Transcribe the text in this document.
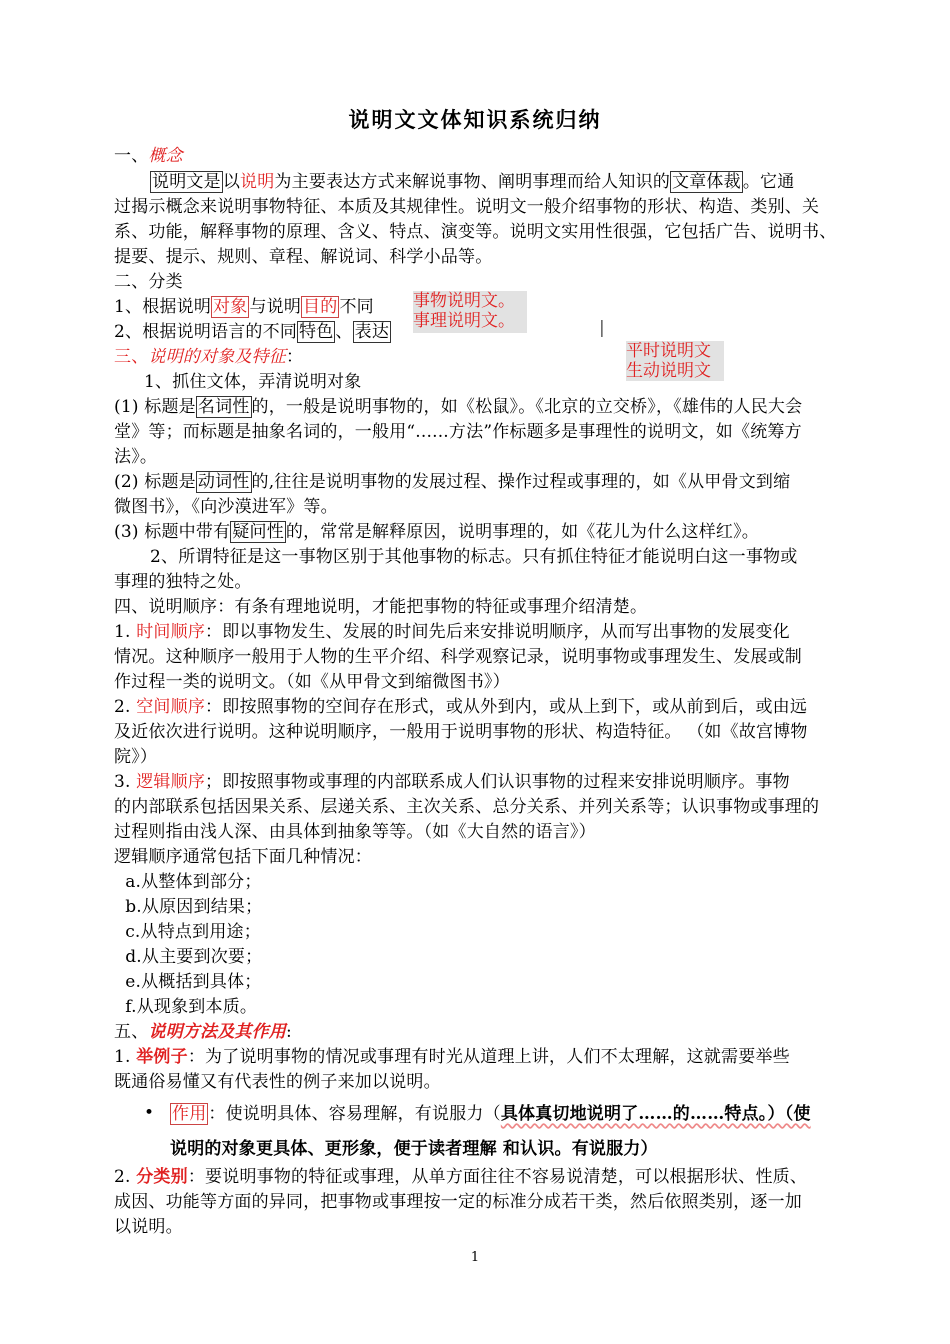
说明文文体知识系统归纳
一、概念
说明文是 以说明为主要表达方式来解说事物、阐明事理而给人知识的 文章体裁 。它通
过揭示概念来说明事物特征、本质及其规律性。说明文一般介绍事物的形状、构造、类别、关
系、功能，解释事物的原理、含义、特点、演变等。说明文实用性很强，它包括广告、说明书、
提要、提示、规则、章程、解说词、科学小品等。
二、分类
1、根据说明 对象 与说明 目的 不同
2、根据说明语言的不同 特色 、 表达
事物说明文。
事理说明文。	|
平时说明文
生动说明文
三、说明的对象及特征：
1、抓住文体，弄清说明对象
(1) 标题是 名词性 的，一般是说明事物的，如《松鼠》。《北京的立交桥》，《雄伟的人民大会
堂》等；而标题是抽象名词的，一般用“......方法”作标题多是事理性的说明文，如《统筹方
法》。
(2) 标题是 动词性 的,往往是说明事物的发展过程、操作过程或事理的，如《从甲骨文到缩
微图书》，《向沙漠进军》等。
(3) 标题中带有 疑问性 的，常常是解释原因，说明事理的，如《花儿为什么这样红》。
2、所谓特征是这一事物区别于其他事物的标志。只有抓住特征才能说明白这一事物或
事理的独特之处。
四、说明顺序：有条有理地说明，才能把事物的特征或事理介绍清楚。
1. 时间顺序：即以事物发生、发展的时间先后来安排说明顺序，从而写出事物的发展变化
情况。这种顺序一般用于人物的生平介绍、科学观察记录，说明事物或事理发生、发展或制
作过程一类的说明文。（如《从甲骨文到缩微图书》）
2. 空间顺序：即按照事物的空间存在形式，或从外到内，或从上到下，或从前到后，或由远
及近依次进行说明。这种说明顺序，一般用于说明事物的形状、构造特征。 （如《故宫博物
院》）
3. 逻辑顺序；即按照事物或事理的内部联系成人们认识事物的过程来安排说明顺序。事物
的内部联系包括因果关系、层递关系、主次关系、总分关系、并列关系等；认识事物或事理的
过程则指由浅人深、由具体到抽象等等。（如《大自然的语言》）
逻辑顺序通常包括下面几种情况：
a.从整体到部分；
b.从原因到结果；
c.从特点到用途；
d.从主要到次要；
e.从概括到具体；
f.从现象到本质。
五、说明方法及其作用:
1. 举例子：为了说明事物的情况或事理有时光从道理上讲，人们不太理解，这就需要举些
既通俗易懂又有代表性的例子来加以说明。
• 作用 ：使说明具体、容易理解，有说服力（具体真切地说明了……的……特点。）（使
说明的对象更具体、更形象，便于读者理解 和认识。有说服力）
2. 分类别：要说明事物的特征或事理，从单方面往往不容易说清楚，可以根据形状、性质、
成因、功能等方面的异同，把事物或事理按一定的标准分成若干类，然后依照类别，逐一加
以说明。
1
